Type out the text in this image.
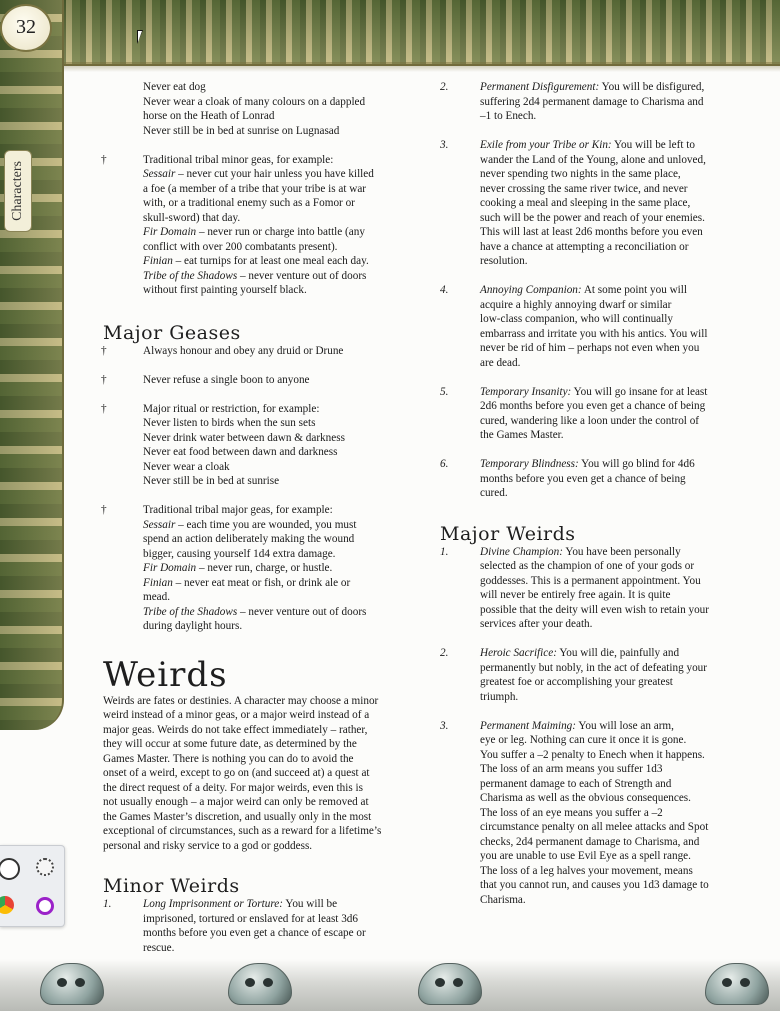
32
Characters
Never eat dog
Never wear a cloak of many colours on a dappled
horse on the Heath of Lonrad
Never still be in bed at sunrise on Lugnasad
†	Traditional tribal minor geas, for example:
Sessair – never cut your hair unless you have killed
a foe (a member of a tribe that your tribe is at war
with, or a traditional enemy such as a Fomor or
skull-sword) that day.
Fir Domain – never run or charge into battle (any
conflict with over 200 combatants present).
Finian – eat turnips for at least one meal each day.
Tribe of the Shadows – never venture out of doors
without first painting yourself black.
Major Geases
†	Always honour and obey any druid or Drune
†	Never refuse a single boon to anyone
†	Major ritual or restriction, for example:
Never listen to birds when the sun sets
Never drink water between dawn & darkness
Never eat food between dawn and darkness
Never wear a cloak
Never still be in bed at sunrise
†	Traditional tribal major geas, for example:
Sessair – each time you are wounded, you must
spend an action deliberately making the wound
bigger, causing yourself 1d4 extra damage.
Fir Domain – never run, charge, or hustle.
Finian – never eat meat or fish, or drink ale or
mead.
Tribe of the Shadows – never venture out of doors
during daylight hours.
Weirds
Weirds are fates or destinies. A character may choose a minor
weird instead of a minor geas, or a major weird instead of a
major geas. Weirds do not take effect immediately – rather,
they will occur at some future date, as determined by the
Games Master. There is nothing you can do to avoid the
onset of a weird, except to go on (and succeed at) a quest at
the direct request of a deity. For major weirds, even this is
not usually enough – a major weird can only be removed at
the Games Master’s discretion, and usually only in the most
exceptional of circumstances, such as a reward for a lifetime’s
personal and risky service to a god or goddess.
Minor Weirds
1.	Long Imprisonment or Torture: You will be
imprisoned, tortured or enslaved for at least 3d6
months before you even get a chance of escape or
rescue.
2.	Permanent Disfigurement: You will be disfigured,
suffering 2d4 permanent damage to Charisma and
–1 to Enech.
3.	Exile from your Tribe or Kin: You will be left to
wander the Land of the Young, alone and unloved,
never spending two nights in the same place,
never crossing the same river twice, and never
cooking a meal and sleeping in the same place,
such will be the power and reach of your enemies.
This will last at least 2d6 months before you even
have a chance at attempting a reconciliation or
resolution.
4.	Annoying Companion: At some point you will
acquire a highly annoying dwarf or similar
low-class companion, who will continually
embarrass and irritate you with his antics. You will
never be rid of him – perhaps not even when you
are dead.
5.	Temporary Insanity: You will go insane for at least
2d6 months before you even get a chance of being
cured, wandering like a loon under the control of
the Games Master.
6.	Temporary Blindness: You will go blind for 4d6
months before you even get a chance of being
cured.
Major Weirds
1.	Divine Champion: You have been personally
selected as the champion of one of your gods or
goddesses. This is a permanent appointment. You
will never be entirely free again. It is quite
possible that the deity will even wish to retain your
services after your death.
2.	Heroic Sacrifice: You will die, painfully and
permanently but nobly, in the act of defeating your
greatest foe or accomplishing your greatest
triumph.
3.	Permanent Maiming: You will lose an arm,
eye or leg. Nothing can cure it once it is gone.
You suffer a –2 penalty to Enech when it happens.
The loss of an arm means you suffer 1d3
permanent damage to each of Strength and
Charisma as well as the obvious consequences.
The loss of an eye means you suffer a –2
circumstance penalty on all melee attacks and Spot
checks, 2d4 permanent damage to Charisma, and
you are unable to use Evil Eye as a spell range.
The loss of a leg halves your movement, means
that you cannot run, and causes you 1d3 damage to
Charisma.
